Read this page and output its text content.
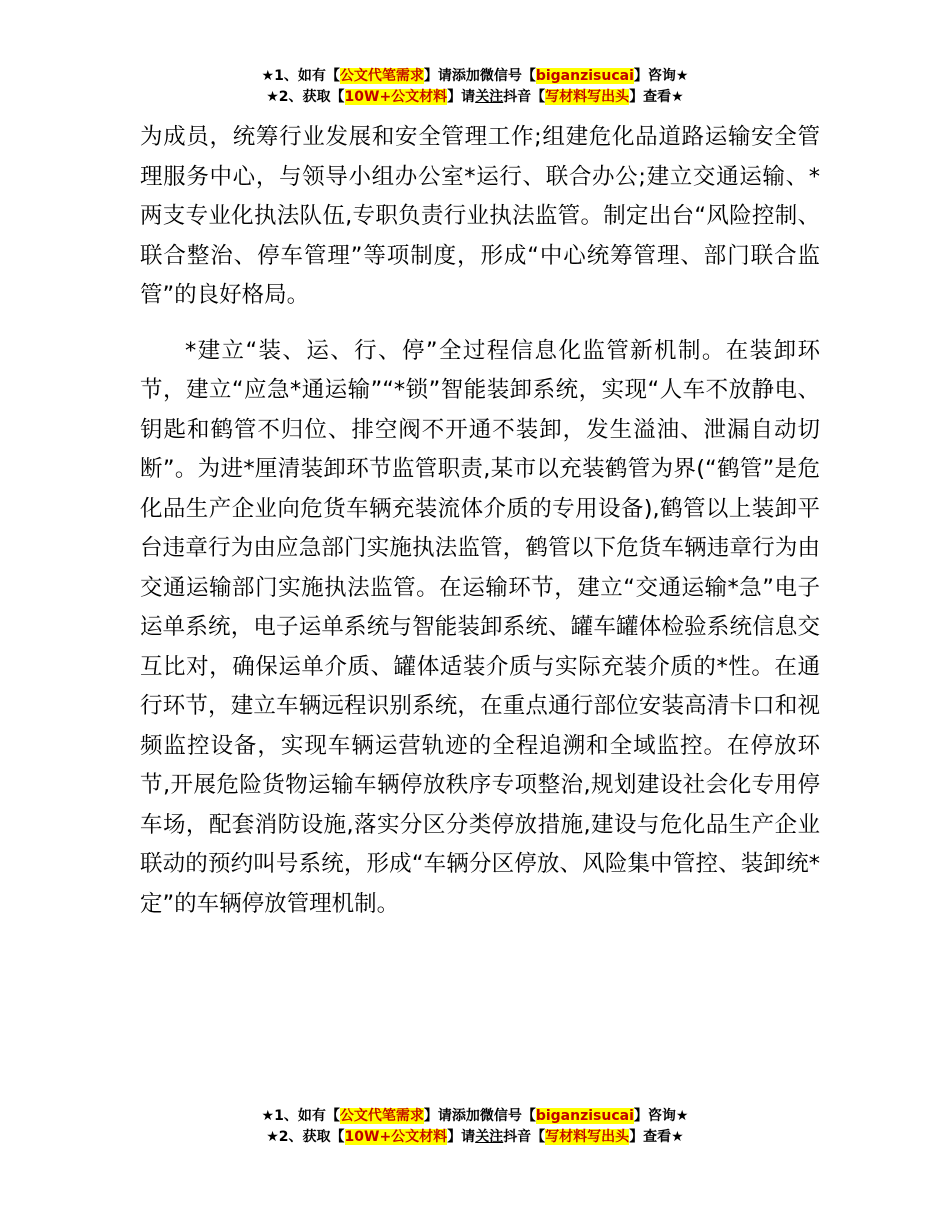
★1、如有【公文代笔需求】请添加微信号【biganzisucai】咨询★
★2、获取【10W+公文材料】请关注抖音【写材料写出头】查看★

为成员，统筹行业发展和安全管理工作;组建危化品道路运输安全管理服务中心，与领导小组办公室*运行、联合办公;建立交通运输、*两支专业化执法队伍,专职负责行业执法监管。制定出台“风险控制、联合整治、停车管理”等项制度，形成“中心统筹管理、部门联合监管”的良好格局。

*建立“装、运、行、停”全过程信息化监管新机制。在装卸环节，建立“应急*通运输”“*锁”智能装卸系统，实现“人车不放静电、钥匙和鹤管不归位、排空阀不开通不装卸，发生溢油、泄漏自动切断”。为进*厘清装卸环节监管职责,某市以充装鹤管为界(“鹤管”是危化品生产企业向危货车辆充装流体介质的专用设备),鹤管以上装卸平台违章行为由应急部门实施执法监管，鹤管以下危货车辆违章行为由交通运输部门实施执法监管。在运输环节，建立“交通运输*急”电子运单系统，电子运单系统与智能装卸系统、罐车罐体检验系统信息交互比对，确保运单介质、罐体适装介质与实际充装介质的*性。在通行环节，建立车辆远程识别系统，在重点通行部位安装高清卡口和视频监控设备，实现车辆运营轨迹的全程追溯和全域监控。在停放环节,开展危险货物运输车辆停放秩序专项整治,规划建设社会化专用停车场，配套消防设施,落实分区分类停放措施,建设与危化品生产企业联动的预约叫号系统，形成“车辆分区停放、风险集中管控、装卸统*定”的车辆停放管理机制。

★1、如有【公文代笔需求】请添加微信号【biganzisucai】咨询★
★2、获取【10W+公文材料】请关注抖音【写材料写出头】查看★
